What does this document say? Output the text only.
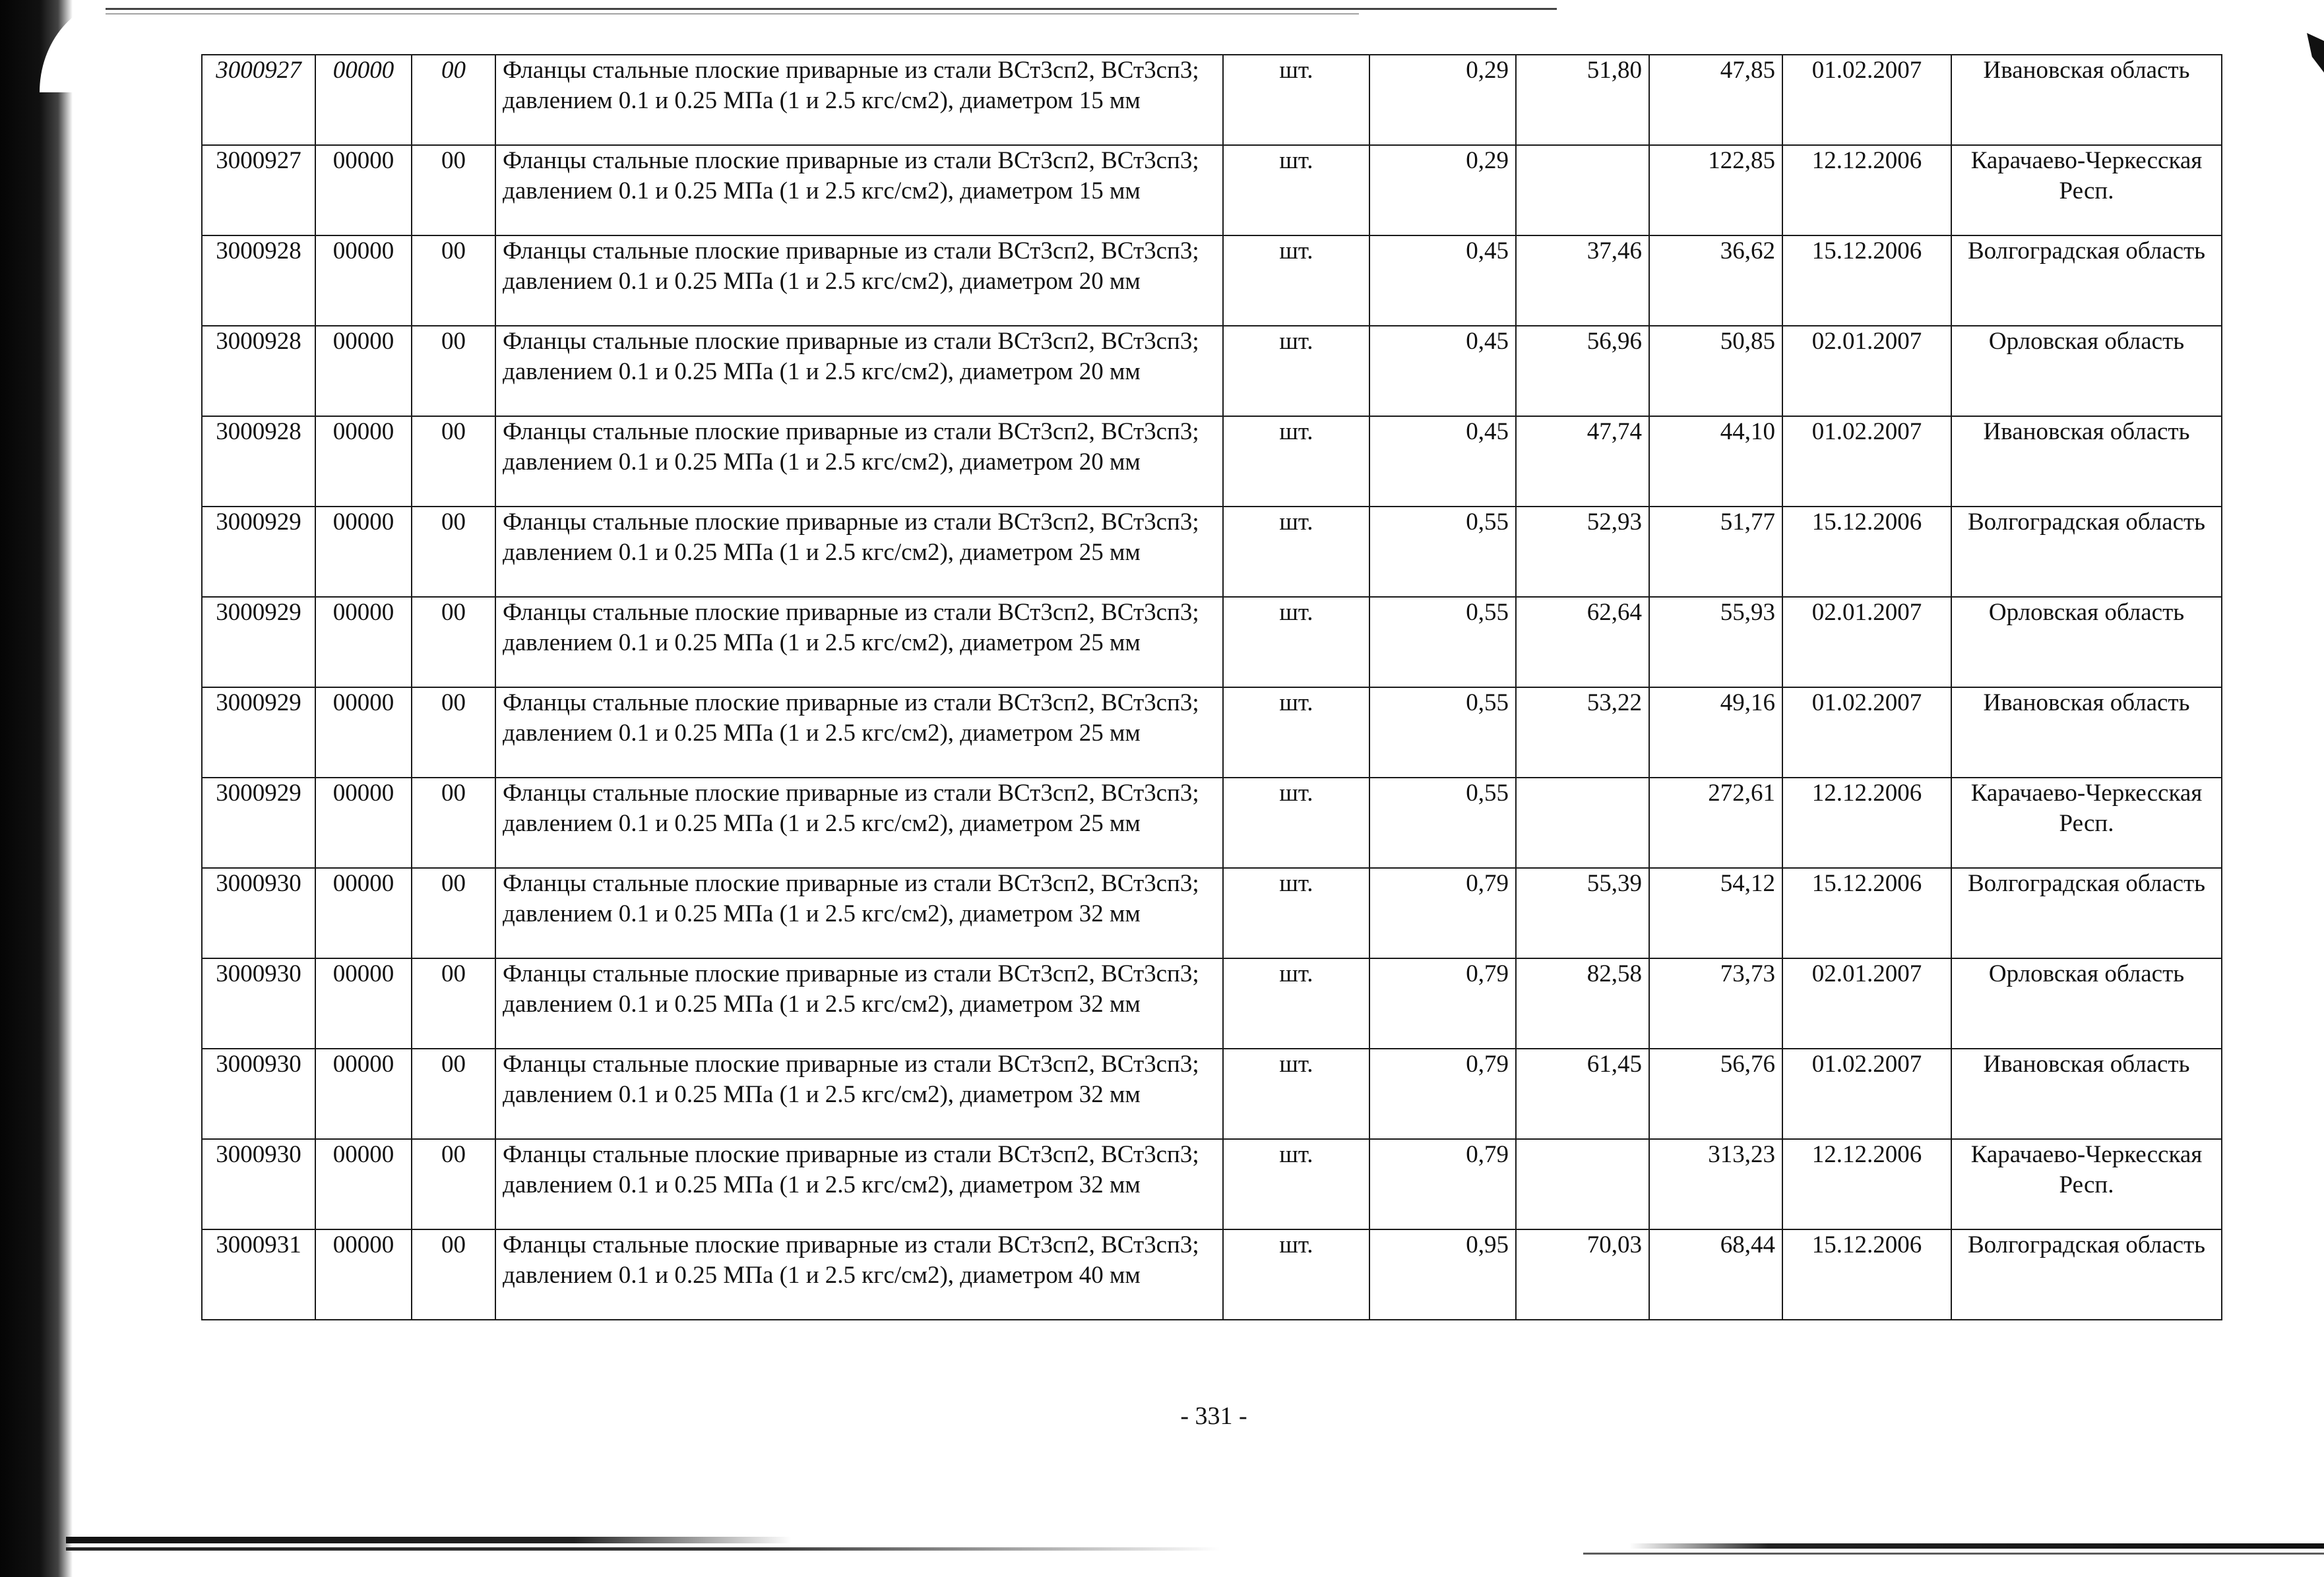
3000927	00000	00	Фланцы стальные плоские приварные из стали ВСт3сп2, ВСт3сп3; давлением 0.1 и 0.25 МПа (1 и 2.5 кгс/см2), диаметром 15 мм	шт.	0,29	51,80	47,85	01.02.2007	Ивановская область
3000927	00000	00	Фланцы стальные плоские приварные из стали ВСт3сп2, ВСт3сп3; давлением 0.1 и 0.25 МПа (1 и 2.5 кгс/см2), диаметром 15 мм	шт.	0,29		122,85	12.12.2006	Карачаево-Черкесская Респ.
3000928	00000	00	Фланцы стальные плоские приварные из стали ВСт3сп2, ВСт3сп3; давлением 0.1 и 0.25 МПа (1 и 2.5 кгс/см2), диаметром 20 мм	шт.	0,45	37,46	36,62	15.12.2006	Волгоградская область
3000928	00000	00	Фланцы стальные плоские приварные из стали ВСт3сп2, ВСт3сп3; давлением 0.1 и 0.25 МПа (1 и 2.5 кгс/см2), диаметром 20 мм	шт.	0,45	56,96	50,85	02.01.2007	Орловская область
3000928	00000	00	Фланцы стальные плоские приварные из стали ВСт3сп2, ВСт3сп3; давлением 0.1 и 0.25 МПа (1 и 2.5 кгс/см2), диаметром 20 мм	шт.	0,45	47,74	44,10	01.02.2007	Ивановская область
3000929	00000	00	Фланцы стальные плоские приварные из стали ВСт3сп2, ВСт3сп3; давлением 0.1 и 0.25 МПа (1 и 2.5 кгс/см2), диаметром 25 мм	шт.	0,55	52,93	51,77	15.12.2006	Волгоградская область
3000929	00000	00	Фланцы стальные плоские приварные из стали ВСт3сп2, ВСт3сп3; давлением 0.1 и 0.25 МПа (1 и 2.5 кгс/см2), диаметром 25 мм	шт.	0,55	62,64	55,93	02.01.2007	Орловская область
3000929	00000	00	Фланцы стальные плоские приварные из стали ВСт3сп2, ВСт3сп3; давлением 0.1 и 0.25 МПа (1 и 2.5 кгс/см2), диаметром 25 мм	шт.	0,55	53,22	49,16	01.02.2007	Ивановская область
3000929	00000	00	Фланцы стальные плоские приварные из стали ВСт3сп2, ВСт3сп3; давлением 0.1 и 0.25 МПа (1 и 2.5 кгс/см2), диаметром 25 мм	шт.	0,55		272,61	12.12.2006	Карачаево-Черкесская Респ.
3000930	00000	00	Фланцы стальные плоские приварные из стали ВСт3сп2, ВСт3сп3; давлением 0.1 и 0.25 МПа (1 и 2.5 кгс/см2), диаметром 32 мм	шт.	0,79	55,39	54,12	15.12.2006	Волгоградская область
3000930	00000	00	Фланцы стальные плоские приварные из стали ВСт3сп2, ВСт3сп3; давлением 0.1 и 0.25 МПа (1 и 2.5 кгс/см2), диаметром 32 мм	шт.	0,79	82,58	73,73	02.01.2007	Орловская область
3000930	00000	00	Фланцы стальные плоские приварные из стали ВСт3сп2, ВСт3сп3; давлением 0.1 и 0.25 МПа (1 и 2.5 кгс/см2), диаметром 32 мм	шт.	0,79	61,45	56,76	01.02.2007	Ивановская область
3000930	00000	00	Фланцы стальные плоские приварные из стали ВСт3сп2, ВСт3сп3; давлением 0.1 и 0.25 МПа (1 и 2.5 кгс/см2), диаметром 32 мм	шт.	0,79		313,23	12.12.2006	Карачаево-Черкесская Респ.
3000931	00000	00	Фланцы стальные плоские приварные из стали ВСт3сп2, ВСт3сп3; давлением 0.1 и 0.25 МПа (1 и 2.5 кгс/см2), диаметром 40 мм	шт.	0,95	70,03	68,44	15.12.2006	Волгоградская область
- 331 -
